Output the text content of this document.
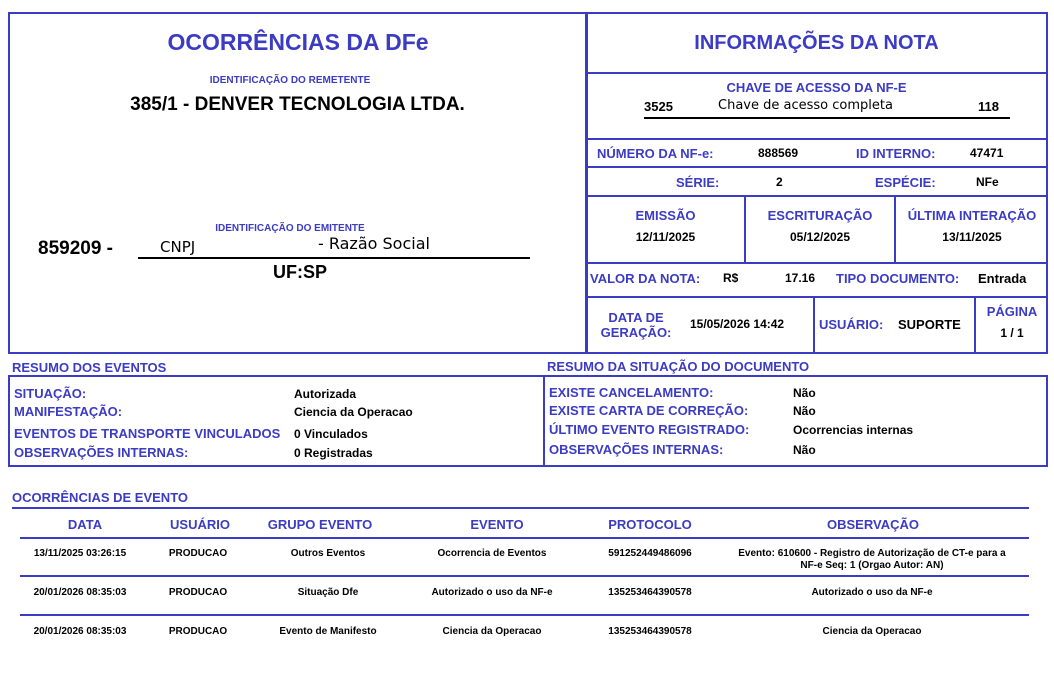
OCORRÊNCIAS DA DFe
IDENTIFICAÇÃO DO REMETENTE
385/1 - DENVER TECNOLOGIA LTDA.
IDENTIFICAÇÃO DO EMITENTE
859209 -	CNPJ	- Razão Social
UF:SP
INFORMAÇÕES DA NOTA
CHAVE DE ACESSO DA NF-E
3525	Chave de acesso completa	118
NÚMERO DA NF-e:	888569	ID INTERNO:	47471
SÉRIE:	2	ESPÉCIE:	NFe
EMISSÃO
12/11/2025
ESCRITURAÇÃO
05/12/2025
ÚLTIMA INTERAÇÃO
13/11/2025
VALOR DA NOTA: R$	17.16 TIPO DOCUMENTO: Entrada
DATA DE
GERAÇÃO:
15/05/2026 14:42	USUÁRIO: SUPORTE
PÁGINA
1 / 1
RESUMO DOS EVENTOS	RESUMO DA SITUAÇÃO DO DOCUMENTO
SITUAÇÃO:	Autorizada
MANIFESTAÇÃO:	Ciencia da Operacao
EVENTOS DE TRANSPORTE VINCULADOS 0 Vinculados
OBSERVAÇÕES INTERNAS:	0 Registradas
EXISTE CANCELAMENTO:	Não
EXISTE CARTA DE CORREÇÃO:	Não
ÚLTIMO EVENTO REGISTRADO:	Ocorrencias internas
OBSERVAÇÕES INTERNAS:	Não
OCORRÊNCIAS DE EVENTO
DATA	USUÁRIO	GRUPO EVENTO	EVENTO	PROTOCOLO	OBSERVAÇÃO
13/11/2025 03:26:15	PRODUCAO	Outros Eventos	Ocorrencia de Eventos	591252449486096	Evento: 610600 - Registro de Autorização de CT-e para a
NF-e Seq: 1 (Orgao Autor: AN)
20/01/2026 08:35:03	PRODUCAO	Situação Dfe	Autorizado o uso da NF-e	135253464390578	Autorizado o uso da NF-e
20/01/2026 08:35:03	PRODUCAO	Evento de Manifesto	Ciencia da Operacao	135253464390578	Ciencia da Operacao
